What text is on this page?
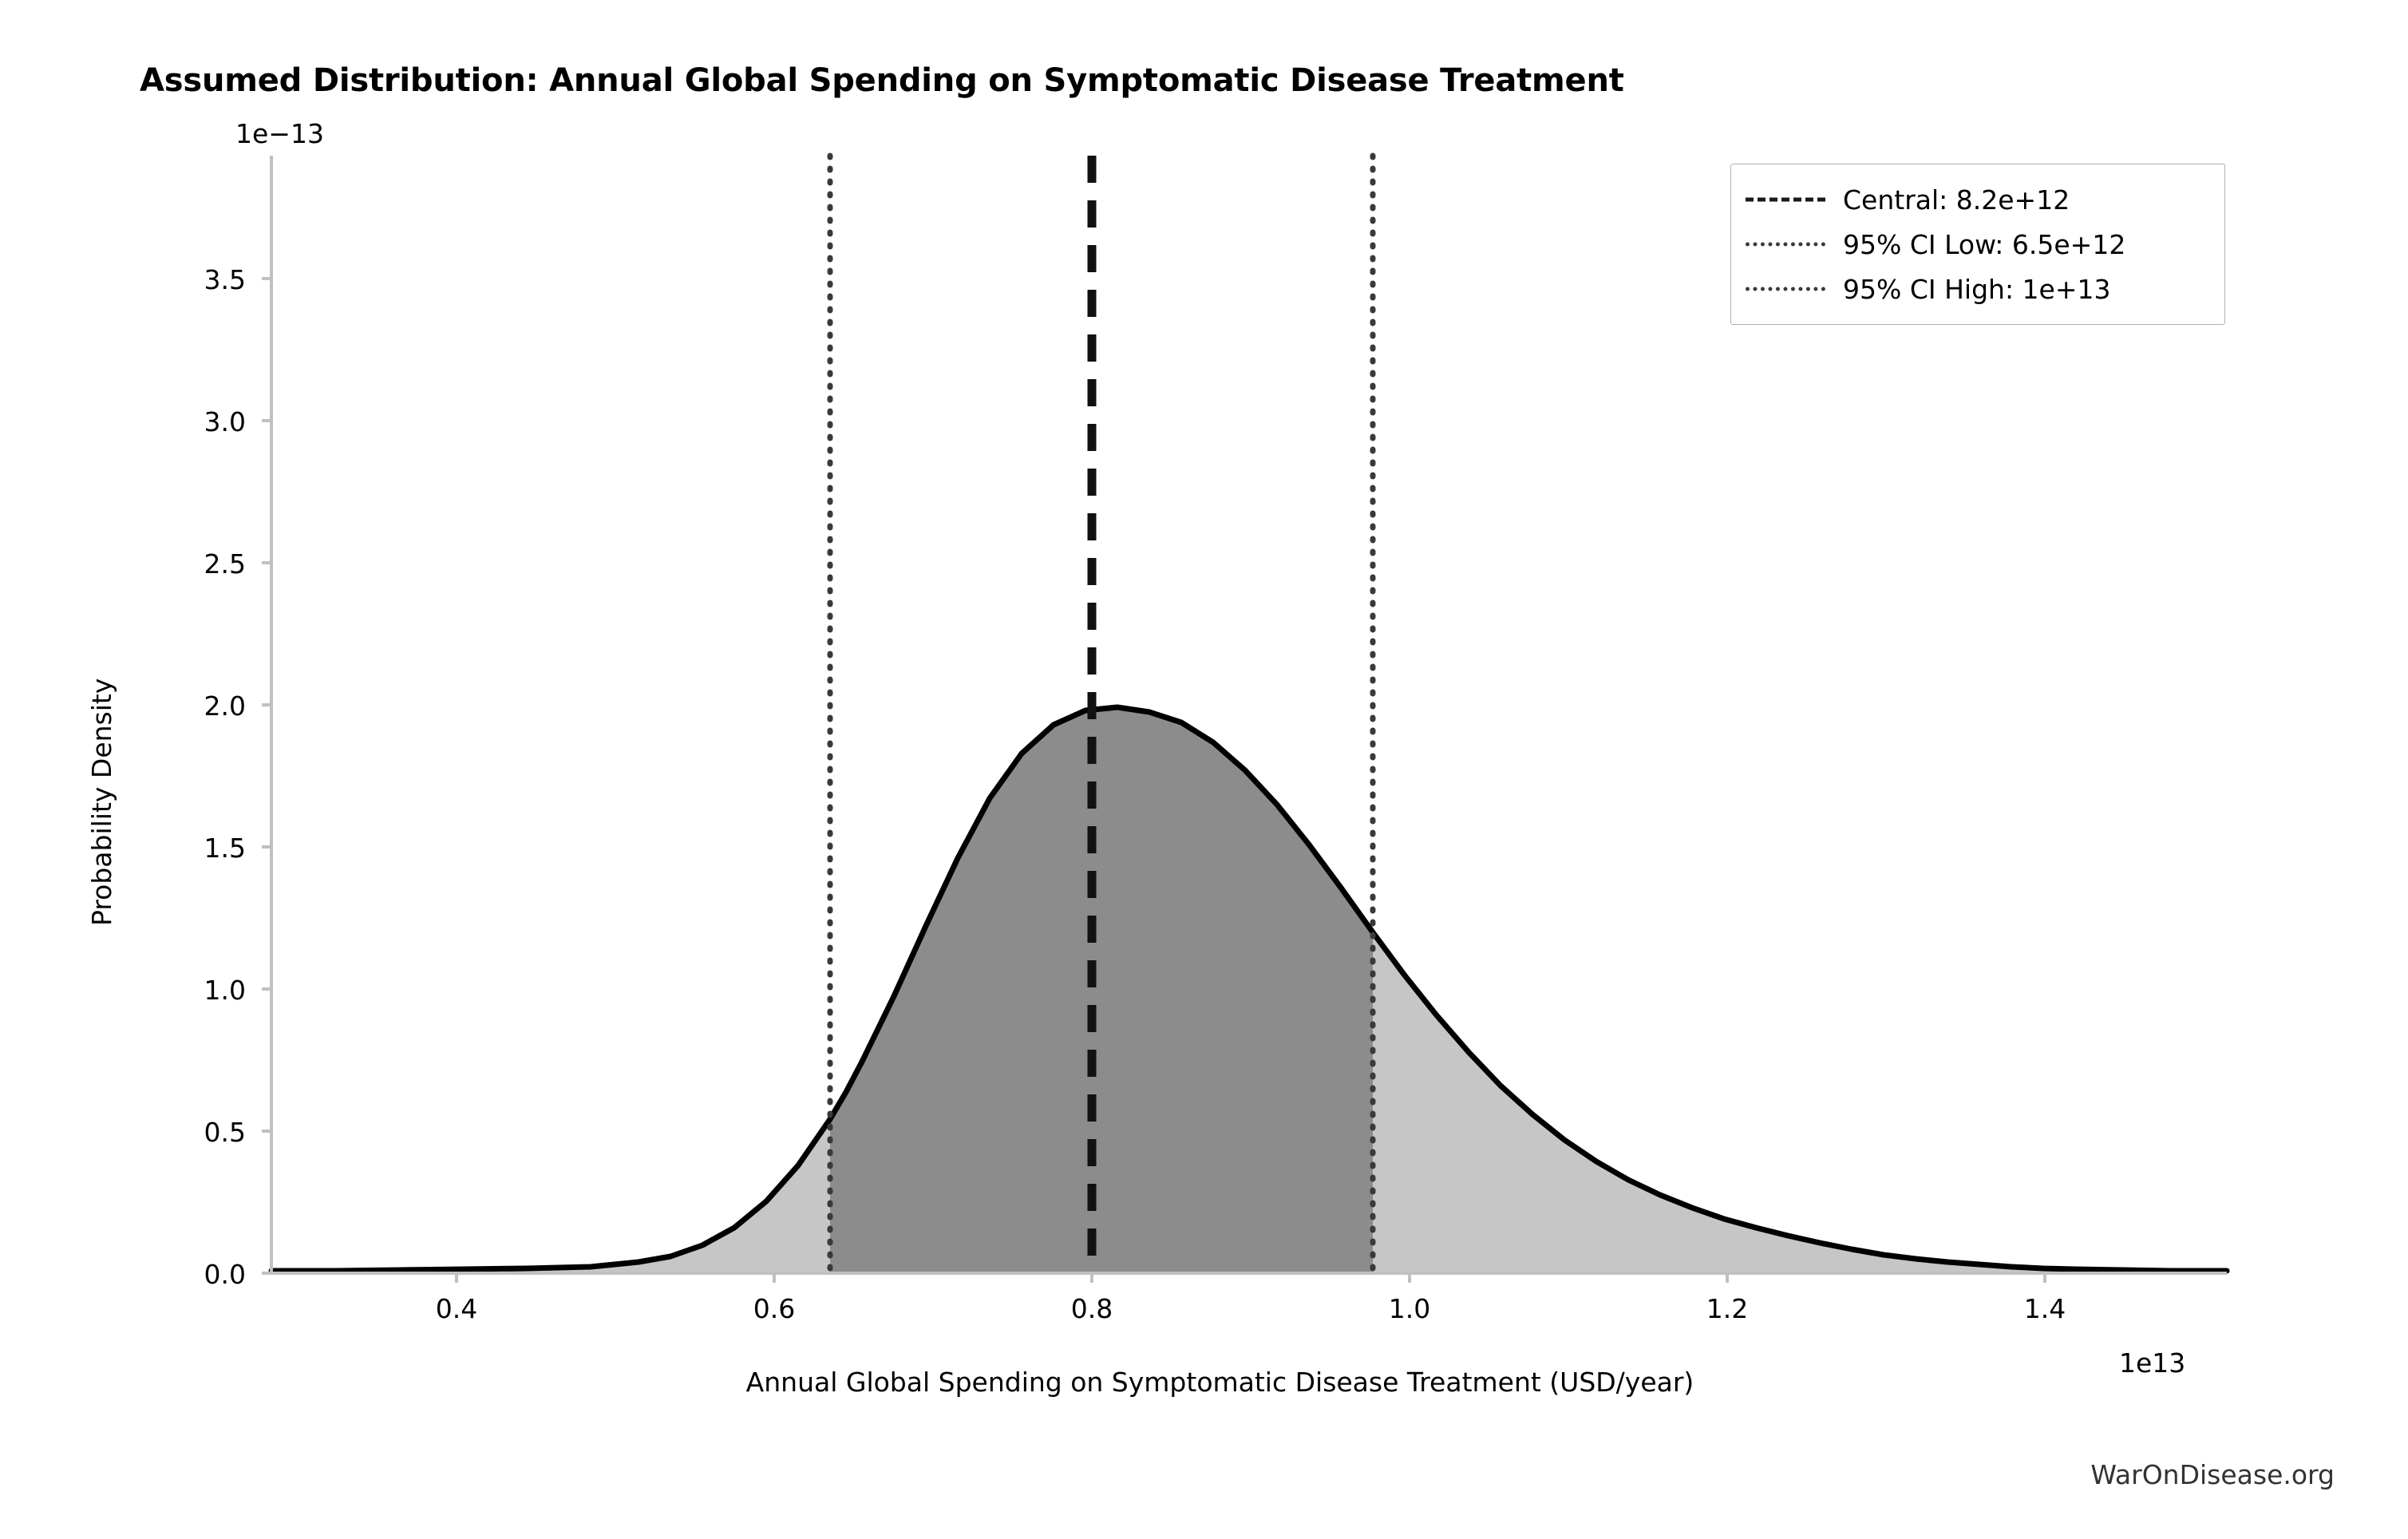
Assumed Distribution: Annual Global Spending on Symptomatic Disease Treatment
1e−13
1e13
0.0
0.5
1.0
1.5
2.0
2.5
3.0
3.5
0.4	0.6	0.8	1.0	1.2	1.4
Probability Density
Annual Global Spending on Symptomatic Disease Treatment (USD/year)
Central: 8.2e+12
95% CI Low: 6.5e+12
95% CI High: 1e+13
WarOnDisease.org
